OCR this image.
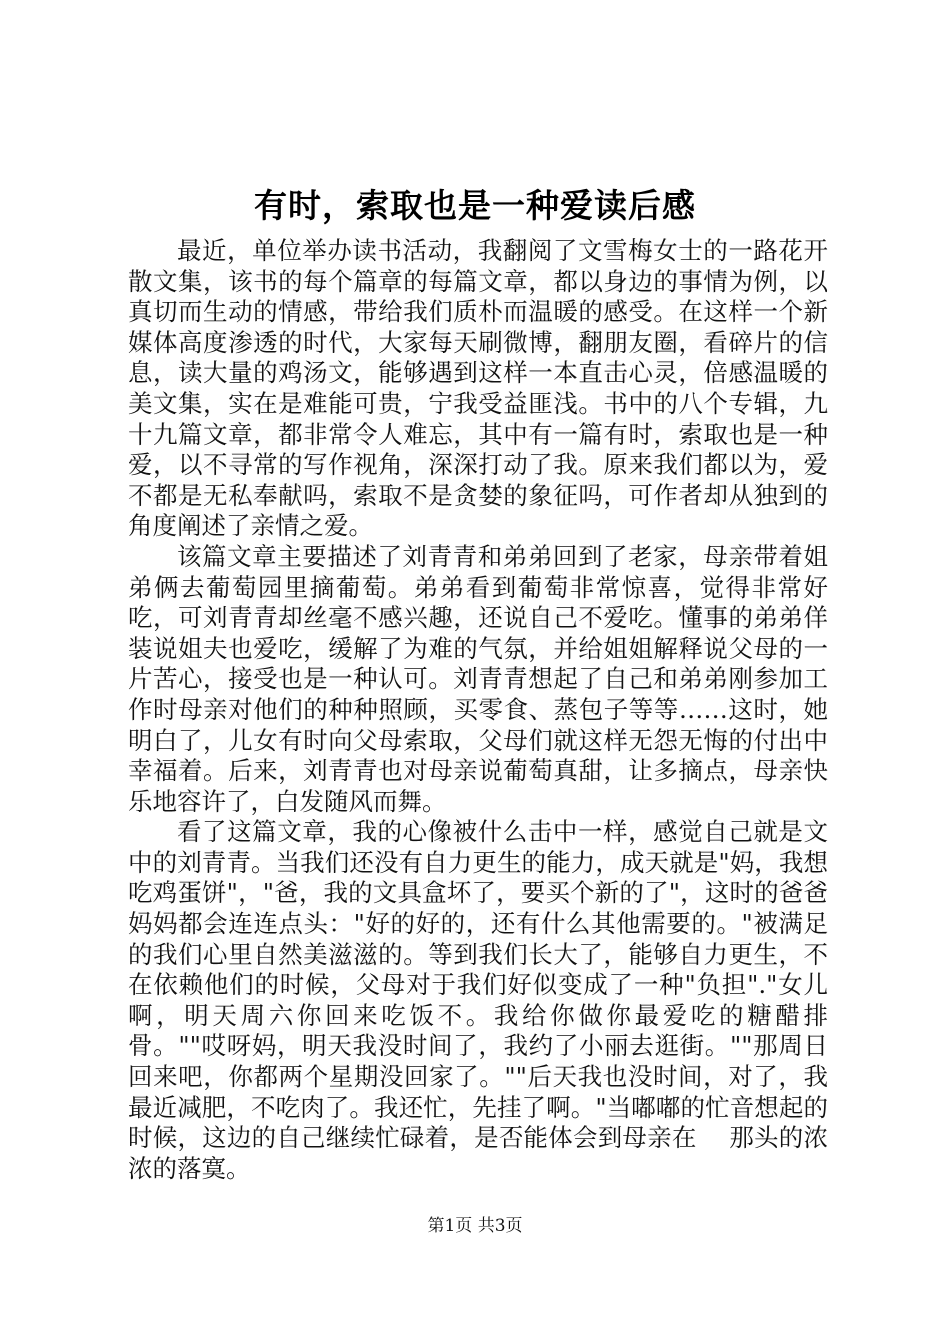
有时，索取也是一种爱读后感

最近，单位举办读书活动，我翻阅了文雪梅女士的一路花开散文集，该书的每个篇章的每篇文章，都以身边的事情为例，以真切而生动的情感，带给我们质朴而温暖的感受。在这样一个新媒体高度渗透的时代，大家每天刷微博，翻朋友圈，看碎片的信息，读大量的鸡汤文，能够遇到这样一本直击心灵，倍感温暖的美文集，实在是难能可贵，宁我受益匪浅。书中的八个专辑，九十九篇文章，都非常令人难忘，其中有一篇有时，索取也是一种爱，以不寻常的写作视角，深深打动了我。原来我们都以为，爱不都是无私奉献吗，索取不是贪婪的象征吗，可作者却从独到的角度阐述了亲情之爱。

该篇文章主要描述了刘青青和弟弟回到了老家，母亲带着姐弟俩去葡萄园里摘葡萄。弟弟看到葡萄非常惊喜，觉得非常好吃，可刘青青却丝毫不感兴趣，还说自己不爱吃。懂事的弟弟佯装说姐夫也爱吃，缓解了为难的气氛，并给姐姐解释说父母的一片苦心，接受也是一种认可。刘青青想起了自己和弟弟刚参加工作时母亲对他们的种种照顾，买零食、蒸包子等等……这时，她明白了，儿女有时向父母索取，父母们就这样无怨无悔的付出中幸福着。后来，刘青青也对母亲说葡萄真甜，让多摘点，母亲快乐地容许了，白发随风而舞。

看了这篇文章，我的心像被什么击中一样，感觉自己就是文中的刘青青。当我们还没有自力更生的能力，成天就是"妈，我想吃鸡蛋饼"，"爸，我的文具盒坏了，要买个新的了"，这时的爸爸妈妈都会连连点头："好的好的，还有什么其他需要的。"被满足的我们心里自然美滋滋的。等到我们长大了，能够自力更生，不在依赖他们的时候，父母对于我们好似变成了一种"负担"."女儿啊，明天周六你回来吃饭不。我给你做你最爱吃的糖醋排骨。""哎呀妈，明天我没时间了，我约了小丽去逛街。""那周日回来吧，你都两个星期没回家了。""后天我也没时间，对了，我最近减肥，不吃肉了。我还忙，先挂了啊。"当嘟嘟的忙音想起的时候，这边的自己继续忙碌着，是否能体会到母亲在　 那头的浓浓的落寞。

第1页 共3页
